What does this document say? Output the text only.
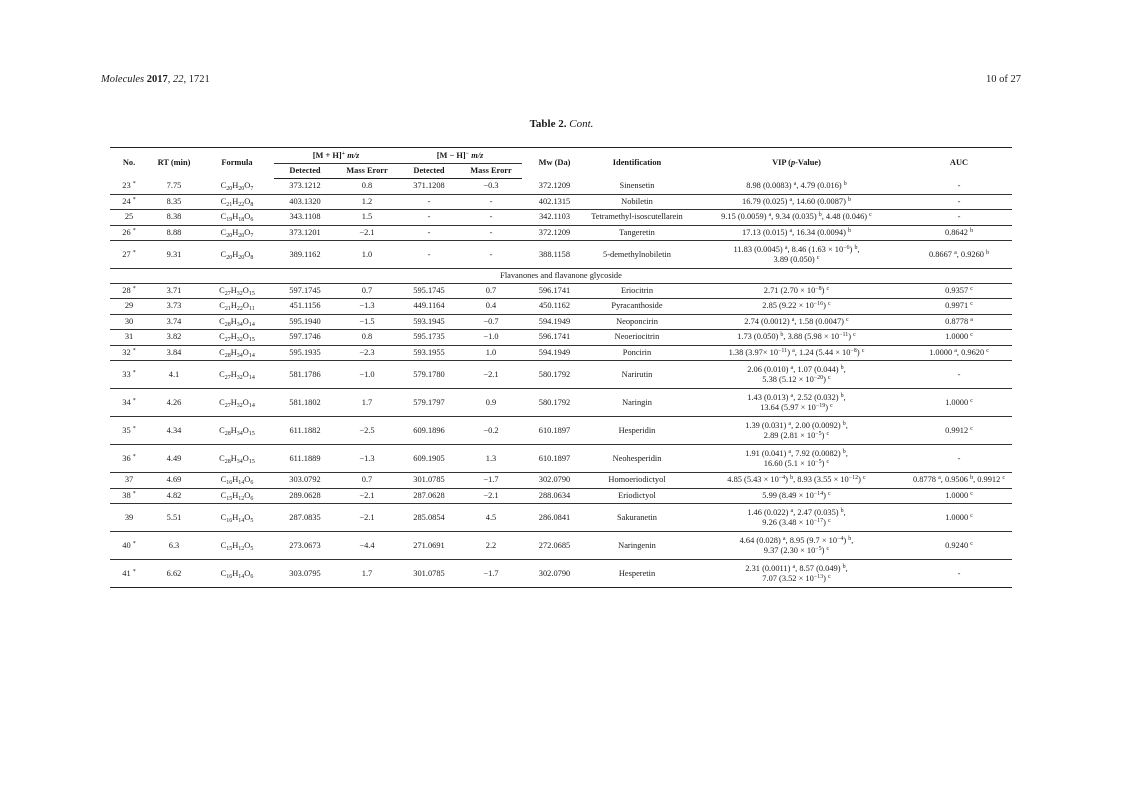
Molecules 2017, 22, 1721	10 of 27
Table 2. Cont.
No.	RT (min)	Formula	[M + H]+ m/z		[M − H]− m/z		Mw (Da)	Identification	VIP (p-Value)	AUC
			Detected	Mass Erorr	Detected	Mass Erorr				
23 *	7.75	$C_{20}H_{20}O_7$	373.1212	0.8	371.1208	−0.3	372.1209	Sinensetin	8.98 (0.0083) $^a$, 4.79 (0.016) $^b$	-
24 *	8.35	$C_{21}H_{22}O_8$	403.1320	1.2	-	-	402.1315	Nobiletin	16.79 (0.025) $^a$, 14.60 (0.0087) $^b$	-
25	8.38	$C_{19}H_{18}O_6$	343.1108	1.5	-	-	342.1103	Tetramethyl-isoscutellarein	9.15 (0.0059) $^a$, 9.34 (0.035) $^b$, 4.48 (0.046) $^c$	-
26 *	8.88	$C_{20}H_{20}O_7$	373.1201	−2.1	-	-	372.1209	Tangeretin	17.13 (0.015) $^a$, 16.34 (0.0094) $^b$	0.8642 $^b$
27 *	9.31	$C_{20}H_{20}O_8$	389.1162	1.0	-	-	388.1158	5-demethylnobiletin	11.83 (0.0045) $^a$, 8.46 $(1.63 \times 10^{-6})$ $^b$,
3.89 (0.050) $^c$	0.8667 $^a$, 0.9260 $^b$
Flavanones and flavanone glycoside										
28 *	3.71	$C_{27}H_{32}O_{15}$	597.1745	0.7	595.1745	0.7	596.1741	Eriocitrin	2.71 $(2.70 \times 10^{-8})$ $^c$	0.9357 $^c$
29	3.73	$C_{21}H_{22}O_{11}$	451.1156	−1.3	449.1164	0.4	450.1162	Pyracanthoside	2.85 $(9.22 \times 10^{-16})$ $^c$	0.9971 $^c$
30	3.74	$C_{28}H_{34}O_{14}$	595.1940	−1.5	593.1945	−0.7	594.1949	Neoponcirin	2.74 (0.0012) $^a$, 1.58 (0.0047) $^c$	0.8778 $^a$
31	3.82	$C_{27}H_{32}O_{15}$	597.1746	0.8	595.1735	−1.0	596.1741	Neoeriocitrin	1.73 (0.050) $^b$, 3.88 $(5.98 \times 10^{-11})$ $^c$	1.0000 $^c$
32 *	3.84	$C_{28}H_{34}O_{14}$	595.1935	−2.3	593.1955	1.0	594.1949	Poncirin	1.38 $(3.97\times 10^{-11})$ $^a$, 1.24 $(5.44 \times 10^{-8})$ $^c$	1.0000 $^a$, 0.9620 $^c$
33 *	4.1	$C_{27}H_{32}O_{14}$	581.1786	−1.0	579.1780	−2.1	580.1792	Narirutin	2.06 (0.010) $^a$, 1.07 (0.044) $^b$,
5.38 $(5.12 \times 10^{-20})$ $^c$	-
34 *	4.26	$C_{27}H_{32}O_{14}$	581.1802	1.7	579.1797	0.9	580.1792	Naringin	1.43 (0.013) $^a$, 2.52 (0.032) $^b$,
13.64 $(5.97 \times 10^{-19})$ $^c$	1.0000 $^c$
35 *	4.34	$C_{28}H_{34}O_{15}$	611.1882	−2.5	609.1896	−0.2	610.1897	Hesperidin	1.39 (0.031) $^a$, 2.00 (0.0092) $^b$,
2.89 $(2.81 \times 10^{-5})$ $^c$	0.9912 $^c$
36 *	4.49	$C_{28}H_{34}O_{15}$	611.1889	−1.3	609.1905	1.3	610.1897	Neohesperidin	1.91 (0.041) $^a$, 7.92 (0.0082) $^b$,
16.60 $(5.1 \times 10^{-5})$ $^c$	-
37	4.69	$C_{16}H_{14}O_6$	303.0792	0.7	301.0785	−1.7	302.0790	Homoeriodictyol	4.85 $(5.43 \times 10^{-4})$ $^b$, 8.93 $(3.55 \times 10^{-12})$ $^c$	0.8778 $^a$, 0.9506 $^b$, 0.9912 $^c$
38 *	4.82	$C_{15}H_{12}O_6$	289.0628	−2.1	287.0628	−2.1	288.0634	Eriodictyol	5.99 $(8.49 \times 10^{-14})$ $^c$	1.0000 $^c$
39	5.51	$C_{16}H_{14}O_5$	287.0835	−2.1	285.0854	4.5	286.0841	Sakuranetin	1.46 (0.022) $^a$, 2.47 (0.035) $^b$,
9.26 $(3.48 \times 10^{-17})$ $^c$	1.0000 $^c$
40 *	6.3	$C_{15}H_{12}O_5$	273.0673	−4.4	271.0691	2.2	272.0685	Naringenin	4.64 (0.028) $^a$, 8.95 $(9.7 \times 10^{-4})$ $^b$,
9.37 $(2.30 \times 10^{-5})$ $^c$	0.9240 $^c$
41 *	6.62	$C_{16}H_{14}O_6$	303.0795	1.7	301.0785	−1.7	302.0790	Hesperetin	2.31 (0.0011) $^a$, 8.57 (0.049) $^b$,
7.07 $(3.52 \times 10^{-13})$ $^c$	-
